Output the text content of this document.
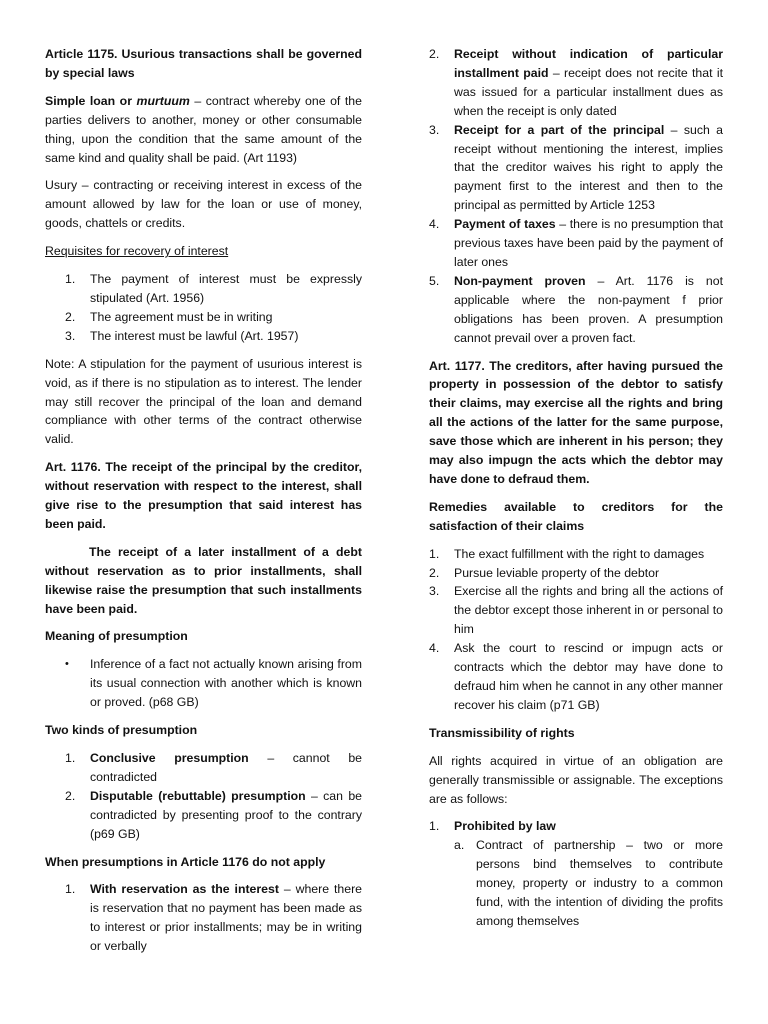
Article 1175. Usurious transactions shall be governed by special laws

Simple loan or murtuum – contract whereby one of the parties delivers to another, money or other consumable thing, upon the condition that the same amount of the same kind and quality shall be paid. (Art 1193)

Usury – contracting or receiving interest in excess of the amount allowed by law for the loan or use of money, goods, chattels or credits.

Requisites for recovery of interest

1. The payment of interest must be expressly stipulated (Art. 1956)
2. The agreement must be in writing
3. The interest must be lawful (Art. 1957)

Note: A stipulation for the payment of usurious interest is void, as if there is no stipulation as to interest. The lender may still recover the principal of the loan and demand compliance with other terms of the contract otherwise valid.

Art. 1176. The receipt of the principal by the creditor, without reservation with respect to the interest, shall give rise to the presumption that said interest has been paid.

The receipt of a later installment of a debt without reservation as to prior installments, shall likewise raise the presumption that such installments have been paid.

Meaning of presumption

• Inference of a fact not actually known arising from its usual connection with another which is known or proved. (p68 GB)

Two kinds of presumption

1. Conclusive presumption – cannot be contradicted
2. Disputable (rebuttable) presumption – can be contradicted by presenting proof to the contrary (p69 GB)

When presumptions in Article 1176 do not apply

1. With reservation as the interest – where there is reservation that no payment has been made as to interest or prior installments; may be in writing or verbally
2. Receipt without indication of particular installment paid – receipt does not recite that it was issued for a particular installment dues as when the receipt is only dated
3. Receipt for a part of the principal – such a receipt without mentioning the interest, implies that the creditor waives his right to apply the payment first to the interest and then to the principal as permitted by Article 1253
4. Payment of taxes – there is no presumption that previous taxes have been paid by the payment of later ones
5. Non-payment proven – Art. 1176 is not applicable where the non-payment f prior obligations has been proven. A presumption cannot prevail over a proven fact.

Art. 1177. The creditors, after having pursued the property in possession of the debtor to satisfy their claims, may exercise all the rights and bring all the actions of the latter for the same purpose, save those which are inherent in his person; they may also impugn the acts which the debtor may have done to defraud them.

Remedies available to creditors for the satisfaction of their claims

1. The exact fulfillment with the right to damages
2. Pursue leviable property of the debtor
3. Exercise all the rights and bring all the actions of the debtor except those inherent in or personal to him
4. Ask the court to rescind or impugn acts or contracts which the debtor may have done to defraud him when he cannot in any other manner recover his claim (p71 GB)

Transmissibility of rights

All rights acquired in virtue of an obligation are generally transmissible or assignable. The exceptions are as follows:

1. Prohibited by law
a. Contract of partnership – two or more persons bind themselves to contribute money, property or industry to a common fund, with the intention of dividing the profits among themselves
